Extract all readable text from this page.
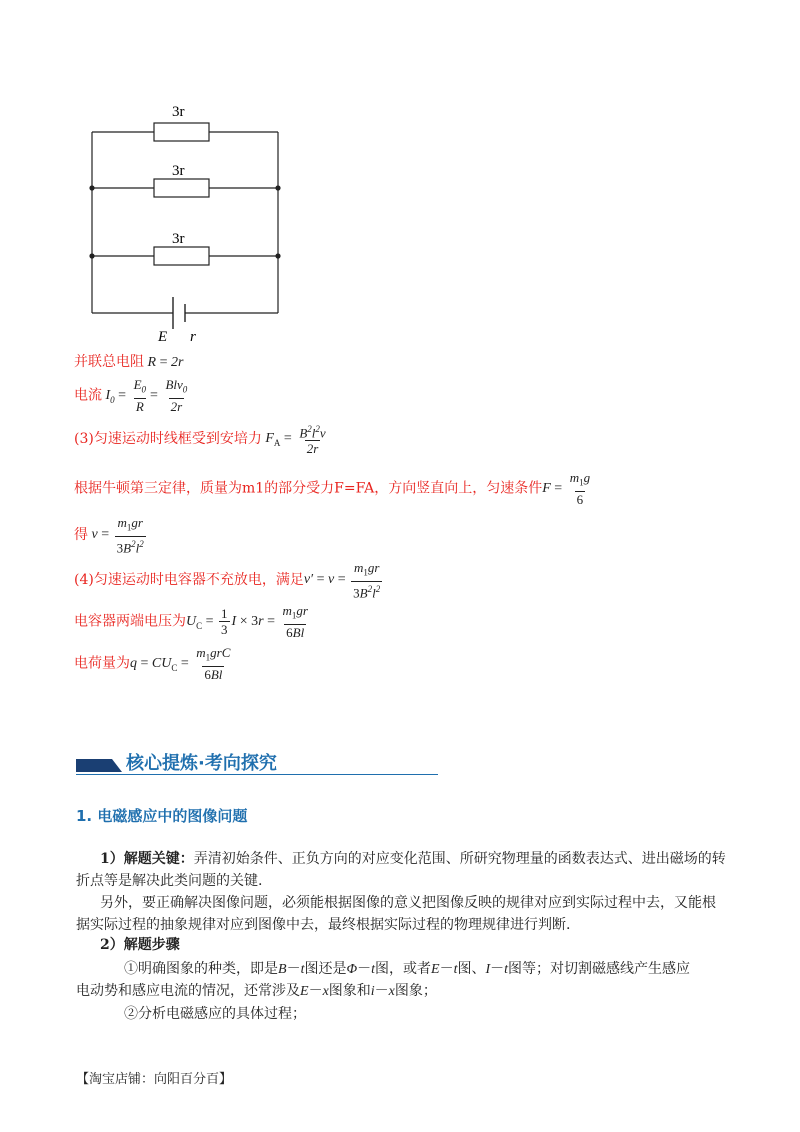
3r
3r
3r
E r
并联总电阻 R = 2r
电流 $I_0 = \frac{E_0}{R} = \frac{Blv_0}{2r}$
(3)匀速运动时线框受到安培力 $F_A = \frac{B^2l^2v}{2r}$
根据牛顿第三定律，质量为m1的部分受力F=FA，方向竖直向上，匀速条件$F = \frac{m_1g}{6}$
得 $v = \frac{m_1gr}{3B^2l^2}$
(4)匀速运动时电容器不充放电，满足$v' = v = \frac{m_1gr}{3B^2l^2}$
电容器两端电压为$U_C = \frac{1}{3}$ $I \times 3r = \frac{m_1gr}{6Bl}$
电荷量为$q = CU_C = \frac{m_1grC}{6Bl}$
核心提炼·考向探究
1. 电磁感应中的图像问题
1）解题关键：弄清初始条件、正负方向的对应变化范围、所研究物理量的函数表达式、进出磁场的转折点等是解决此类问题的关键.
另外，要正确解决图像问题，必须能根据图像的意义把图像反映的规律对应到实际过程中去，又能根据实际过程的抽象规律对应到图像中去，最终根据实际过程的物理规律进行判断.
2）解题步骤
①明确图象的种类，即是B－t图还是Φ－t图，或者E－t图、I－t图等；对切割磁感线产生感应
电动势和感应电流的情况，还常涉及E－x图象和i－x图象；
②分析电磁感应的具体过程；
【淘宝店铺：向阳百分百】
